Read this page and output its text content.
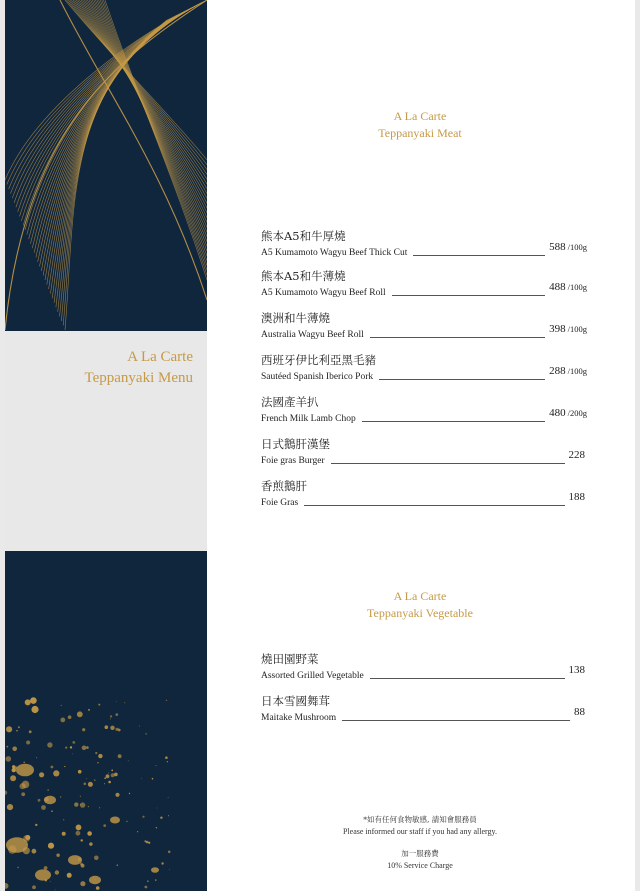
A La Carte
Teppanyaki Menu
A La Carte
Teppanyaki Meat
熊本A5和牛厚燒
A5 Kumamoto Wagyu Beef Thick Cut	588 /100g
熊本A5和牛薄燒
A5 Kumamoto Wagyu Beef Roll	488 /100g
澳洲和牛薄燒
Australia Wagyu Beef Roll	398 /100g
西班牙伊比利亞黑毛豬
Sautéed Spanish Iberico Pork	288 /100g
法國產羊扒
French Milk Lamb Chop	480 /200g
日式鵝肝漢堡
Foie gras Burger	228
香煎鵝肝
Foie Gras	188
A La Carte
Teppanyaki Vegetable
燒田園野菜
Assorted Grilled Vegetable	138
日本雪國舞茸
Maitake Mushroom	88
*如有任何食物敏感, 請知會服務員
Please informed our staff if you had any allergy.
加一服務費
10% Service Charge
